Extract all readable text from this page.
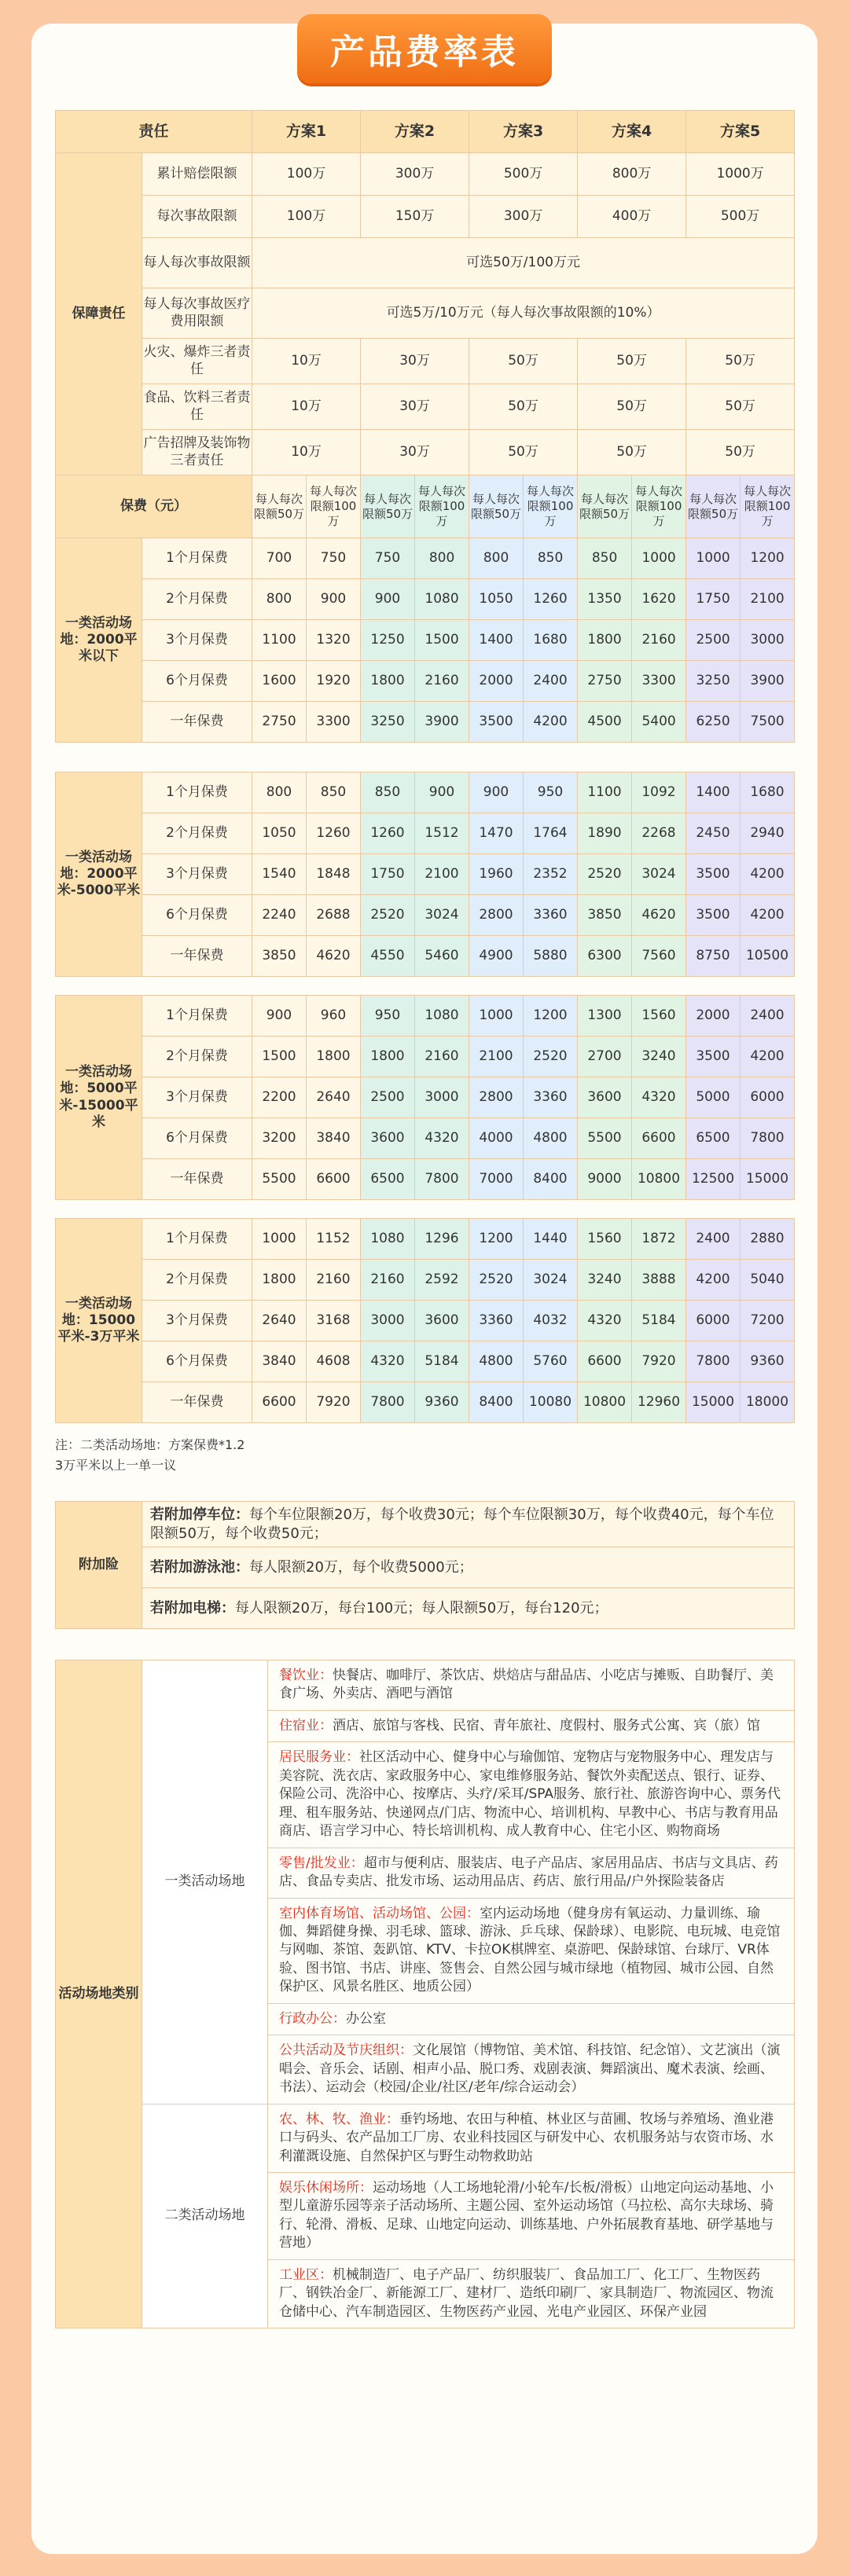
产品费率表
责任		方案1		方案2		方案3		方案4		方案5	
保障责任	累计赔偿限额	100万		300万		500万		800万		1000万	
	每次事故限额	100万		150万		300万		400万		500万	
	每人每次事故限额	可选50万/100万元									
	每人每次事故医疗费用限额	可选5万/10万元（每人每次事故限额的10%）									
	火灾、爆炸三者责任	10万		30万		50万		50万		50万	
	食品、饮料三者责任	10万		30万		50万		50万		50万	
	广告招牌及装饰物三者责任	10万		30万		50万		50万		50万	
保费（元）		每人每次限额50万	每人每次限额100万	每人每次限额50万	每人每次限额100万	每人每次限额50万	每人每次限额100万	每人每次限额50万	每人每次限额100万	每人每次限额50万	每人每次限额100万
一类活动场地：2000平米以下	1个月保费	700	750	750	800	800	850	850	1000	1000	1200
	2个月保费	800	900	900	1080	1050	1260	1350	1620	1750	2100
	3个月保费	1100	1320	1250	1500	1400	1680	1800	2160	2500	3000
	6个月保费	1600	1920	1800	2160	2000	2400	2750	3300	3250	3900
	一年保费	2750	3300	3250	3900	3500	4200	4500	5400	6250	7500
注：二类活动场地：方案保费*1.2
3万平米以上一单一议
附加险	若附加停车位：每个车位限额20万，每个收费30元；每个车位限额30万，每个收费40元，每个车位限额50万，每个收费50元；
若附加游泳池：每人限额20万，每个收费5000元；
若附加电梯：每人限额20万，每台100元；每人限额50万，每台120元；
活动场地类别	一类活动场地	餐饮业：快餐店、咖啡厅、茶饮店、烘焙店与甜品店、小吃店与摊贩、自助餐厅、美食广场、外卖店、酒吧与酒馆
		住宿业：酒店、旅馆与客栈、民宿、青年旅社、度假村、服务式公寓、宾（旅）馆
		居民服务业：社区活动中心、健身中心与瑜伽馆、宠物店与宠物服务中心、理发店与美容院、洗衣店、家政服务中心、家电维修服务站、餐饮外卖配送点、银行、证券、保险公司、洗浴中心、按摩店、头疗/采耳/SPA服务、旅行社、旅游咨询中心、票务代理、租车服务站、快递网点/门店、物流中心、培训机构、早教中心、书店与教育用品商店、语言学习中心、特长培训机构、成人教育中心、住宅小区、购物商场
		零售/批发业：超市与便利店、服装店、电子产品店、家居用品店、书店与文具店、药店、食品专卖店、批发市场、运动用品店、药店、旅行用品/户外探险装备店
		室内体育场馆、活动场馆、公园：室内运动场地（健身房有氧运动、力量训练、瑜伽、舞蹈健身操、羽毛球、篮球、游泳、乒乓球、保龄球）、电影院、电玩城、电竞馆与网咖、茶馆、轰趴馆、KTV、卡拉OK棋牌室、桌游吧、保龄球馆、台球厅、VR体验、图书馆、书店、讲座、签售会、自然公园与城市绿地（植物园、城市公园、自然保护区、风景名胜区、地质公园）
		行政办公：办公室
		公共活动及节庆组织：文化展馆（博物馆、美术馆、科技馆、纪念馆）、文艺演出（演唱会、音乐会、话剧、相声小品、脱口秀、戏剧表演、舞蹈演出、魔术表演、绘画、书法）、运动会（校园/企业/社区/老年/综合运动会）
	二类活动场地	农、林、牧、渔业：垂钓场地、农田与种植、林业区与苗圃、牧场与养殖场、渔业港口与码头、农产品加工厂房、农业科技园区与研发中心、农机服务站与农资市场、水利灌溉设施、自然保护区与野生动物救助站
		娱乐休闲场所：运动场地（人工场地轮滑/小轮车/长板/滑板）山地定向运动基地、小型儿童游乐园等亲子活动场所、主题公园、室外运动场馆（马拉松、高尔夫球场、骑行、轮滑、滑板、足球、山地定向运动、训练基地、户外拓展教育基地、研学基地与营地）
		工业区：机械制造厂、电子产品厂、纺织服装厂、食品加工厂、化工厂、生物医药厂、钢铁冶金厂、新能源工厂、建材厂、造纸印刷厂、家具制造厂、物流园区、物流仓储中心、汽车制造园区、生物医药产业园、光电产业园区、环保产业园
一类活动场地：2000平米-5000平米	1个月保费	800	850	850	900	900	950	1100	1092	1400	1680
	2个月保费	1050	1260	1260	1512	1470	1764	1890	2268	2450	2940
	3个月保费	1540	1848	1750	2100	1960	2352	2520	3024	3500	4200
	6个月保费	2240	2688	2520	3024	2800	3360	3850	4620	3500	4200
	一年保费	3850	4620	4550	5460	4900	5880	6300	7560	8750	10500
一类活动场地：5000平米-15000平米	1个月保费	900	960	950	1080	1000	1200	1300	1560	2000	2400
	2个月保费	1500	1800	1800	2160	2100	2520	2700	3240	3500	4200
	3个月保费	2200	2640	2500	3000	2800	3360	3600	4320	5000	6000
	6个月保费	3200	3840	3600	4320	4000	4800	5500	6600	6500	7800
	一年保费	5500	6600	6500	7800	7000	8400	9000	10800	12500	15000
一类活动场地：15000平米-3万平米	1个月保费	1000	1152	1080	1296	1200	1440	1560	1872	2400	2880
	2个月保费	1800	2160	2160	2592	2520	3024	3240	3888	4200	5040
	3个月保费	2640	3168	3000	3600	3360	4032	4320	5184	6000	7200
	6个月保费	3840	4608	4320	5184	4800	5760	6600	7920	7800	9360
	一年保费	6600	7920	7800	9360	8400	10080	10800	12960	15000	18000
